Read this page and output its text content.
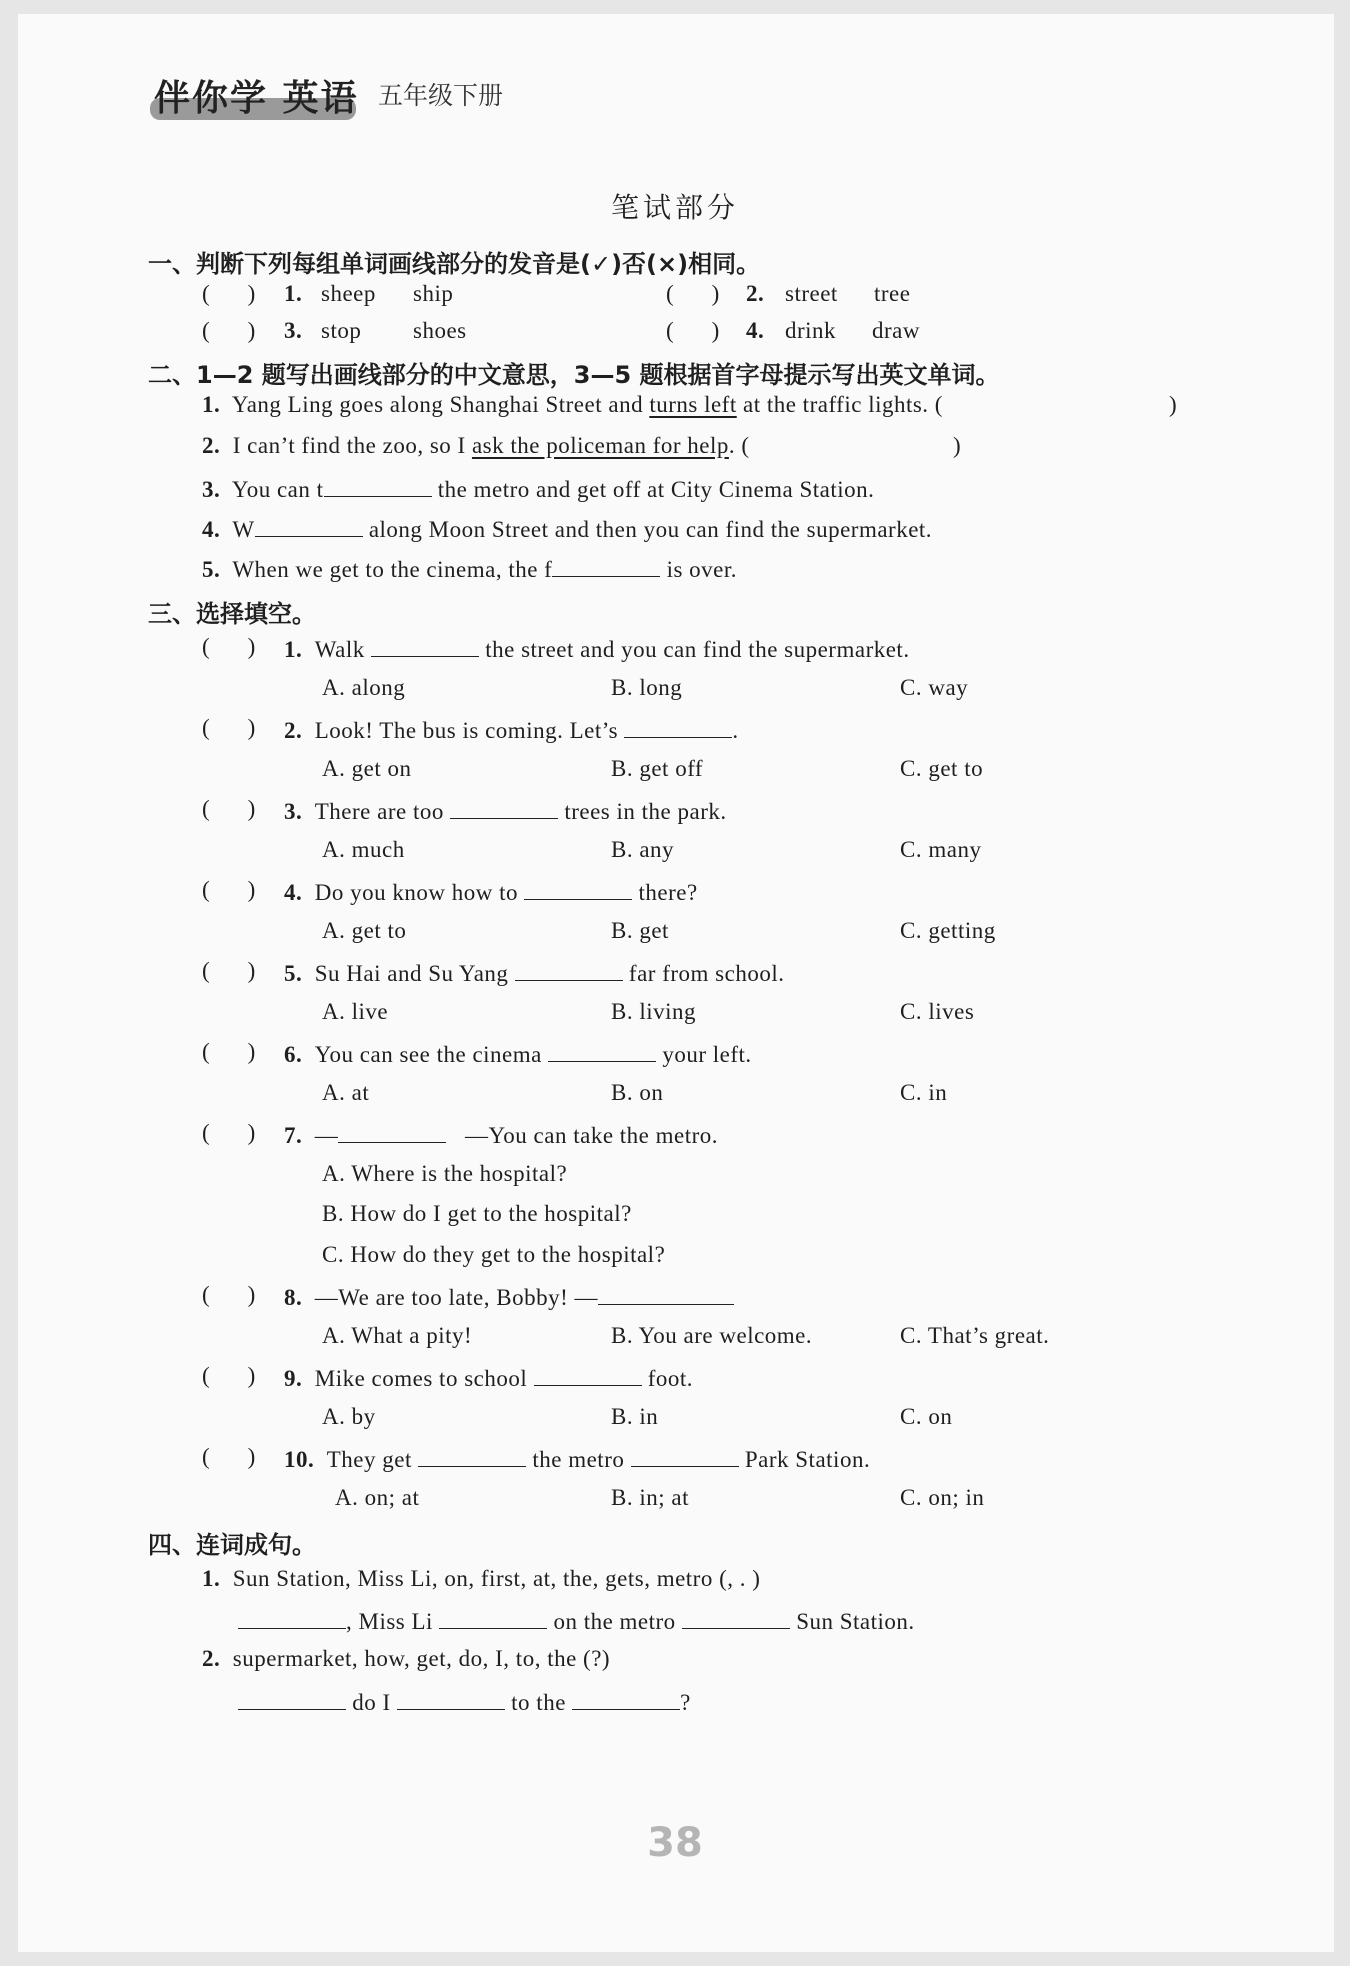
伴你学 英语 五年级下册
笔试部分
一、判断下列每组单词画线部分的发音是(✓)否(×)相同。
(      ) 1. sheep ship	(      ) 2. street tree
(      ) 3. stop shoes	(      ) 4. drink draw
二、1—2 题写出画线部分的中文意思，3—5 题根据首字母提示写出英文单词。
1. Yang Ling goes along Shanghai Street and turns left at the traffic lights. (	)
2. I can’t find the zoo, so I ask the policeman for help. (	)
3. You can t	the metro and get off at City Cinema Station.
4. W	along Moon Street and then you can find the supermarket.
5. When we get to the cinema, the f	is over.
三、选择填空。
(      ) 1. Walk	the street and you can find the supermarket.
A. along	B. long	C. way
(      ) 2. Look! The bus is coming. Let’s	.
A. get on	B. get off	C. get to
(      ) 3. There are too	trees in the park.
A. much	B. any	C. many
(      ) 4. Do you know how to	there?
A. get to	B. get	C. getting
(      ) 5. Su Hai and Su Yang	far from school.
A. live	B. living	C. lives
(      ) 6. You can see the cinema	your left.
A. at	B. on	C. in
(      ) 7. —	—You can take the metro.
A. Where is the hospital?
B. How do I get to the hospital?
C. How do they get to the hospital?
(      ) 8. —We are too late, Bobby! —
A. What a pity!	B. You are welcome.	C. That’s great.
(      ) 9. Mike comes to school	foot.
A. by	B. in	C. on
(      ) 10. They get	the metro	Park Station.
A. on; at	B. in; at	C. on; in
四、连词成句。
1. Sun Station, Miss Li, on, first, at, the, gets, metro (, . )
, Miss Li	on the metro	Sun Station.
2. supermarket, how, get, do, I, to, the (?)
do I	to the	?
38
